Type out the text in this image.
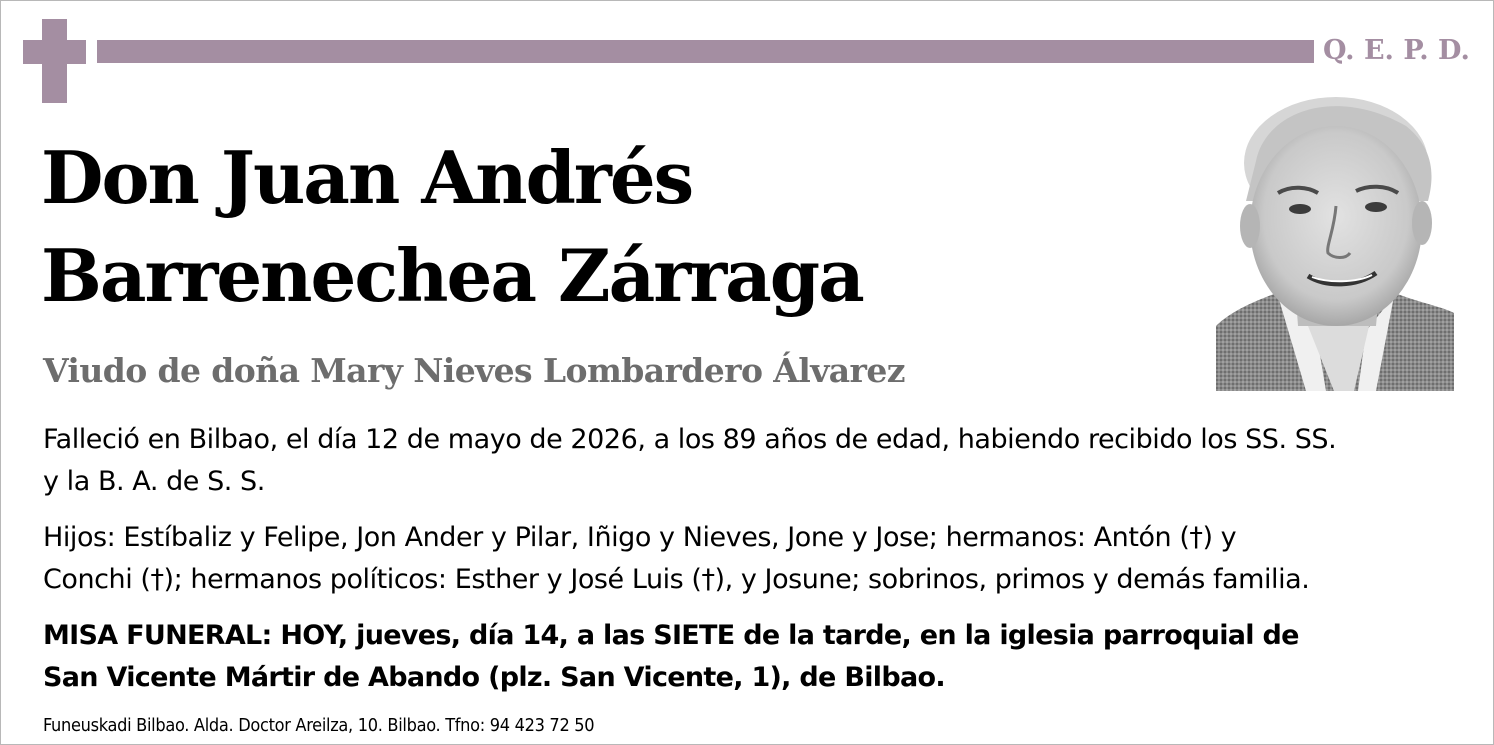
Q. E. P. D.
Don Juan Andrés
Barrenechea Zárraga
Viudo de doña Mary Nieves Lombardero Álvarez

Falleció en Bilbao, el día 12 de mayo de 2026, a los 89 años de edad, habiendo recibido los SS. SS.
y la B. A. de S. S.

Hijos: Estíbaliz y Felipe, Jon Ander y Pilar, Iñigo y Nieves, Jone y Jose; hermanos: Antón (†) y
Conchi (†); hermanos políticos: Esther y José Luis (†), y Josune; sobrinos, primos y demás familia.

MISA FUNERAL: HOY, jueves, día 14, a las SIETE de la tarde, en la iglesia parroquial de
San Vicente Mártir de Abando (plz. San Vicente, 1), de Bilbao.

Funeuskadi Bilbao. Alda. Doctor Areilza, 10. Bilbao. Tfno: 94 423 72 50
